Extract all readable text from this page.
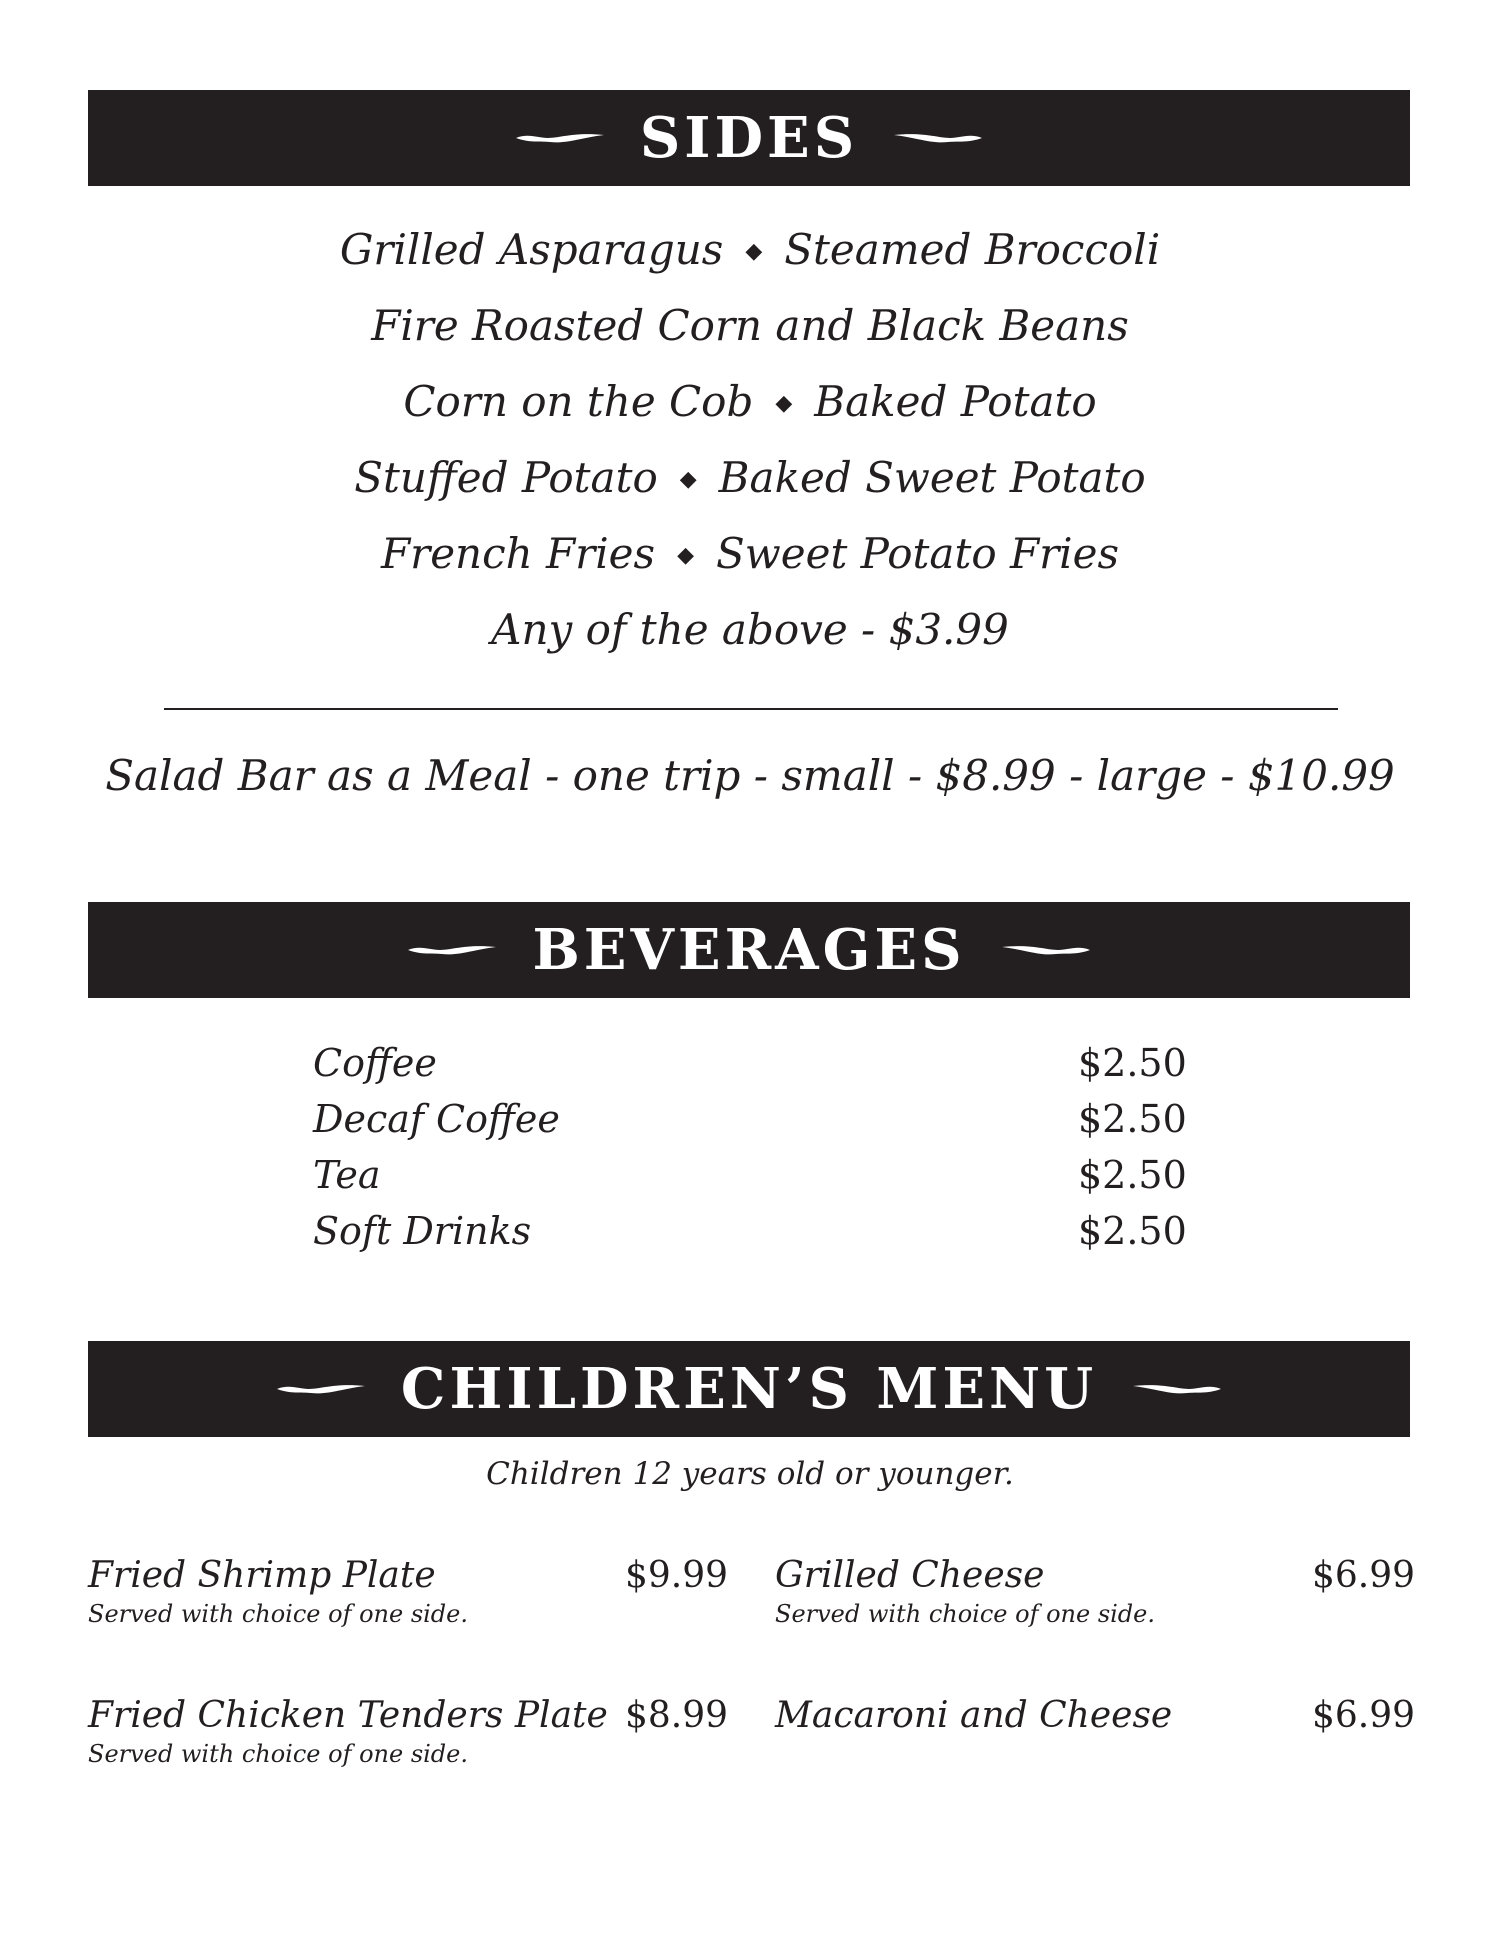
SIDES
Grilled Asparagus ◆ Steamed Broccoli
Fire Roasted Corn and Black Beans
Corn on the Cob ◆ Baked Potato
Stuffed Potato ◆ Baked Sweet Potato
French Fries ◆ Sweet Potato Fries
Any of the above - $3.99
Salad Bar as a Meal - one trip - small - $8.99 - large - $10.99
BEVERAGES
Coffee	$2.50
Decaf Coffee	$2.50
Tea	$2.50
Soft Drinks	$2.50
CHILDREN’S MENU
Children 12 years old or younger.
Fried Shrimp Plate	$9.99
Served with choice of one side.
Grilled Cheese	$6.99
Served with choice of one side.
Fried Chicken Tenders Plate $8.99
Served with choice of one side.
Macaroni and Cheese	$6.99
